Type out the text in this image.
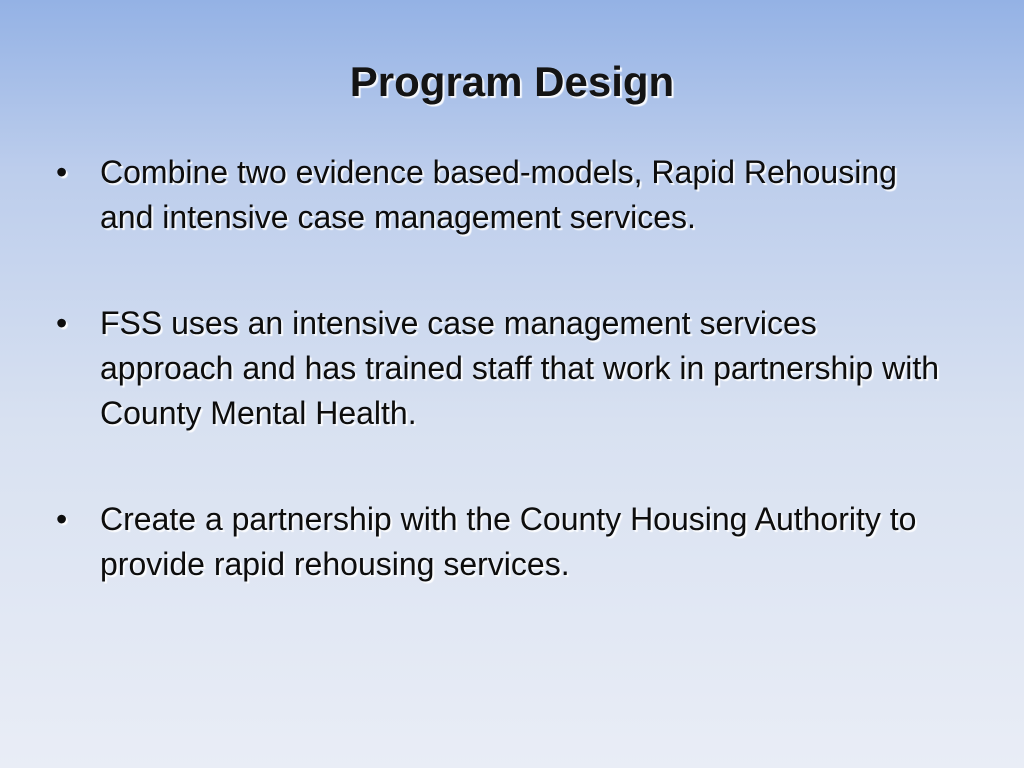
Program Design
• Combine two evidence based-models, Rapid Rehousing and intensive case management services.
• FSS uses an intensive case management services approach and has trained staff that work in partnership with County Mental Health.
• Create a partnership with the County Housing Authority to provide rapid rehousing services.
